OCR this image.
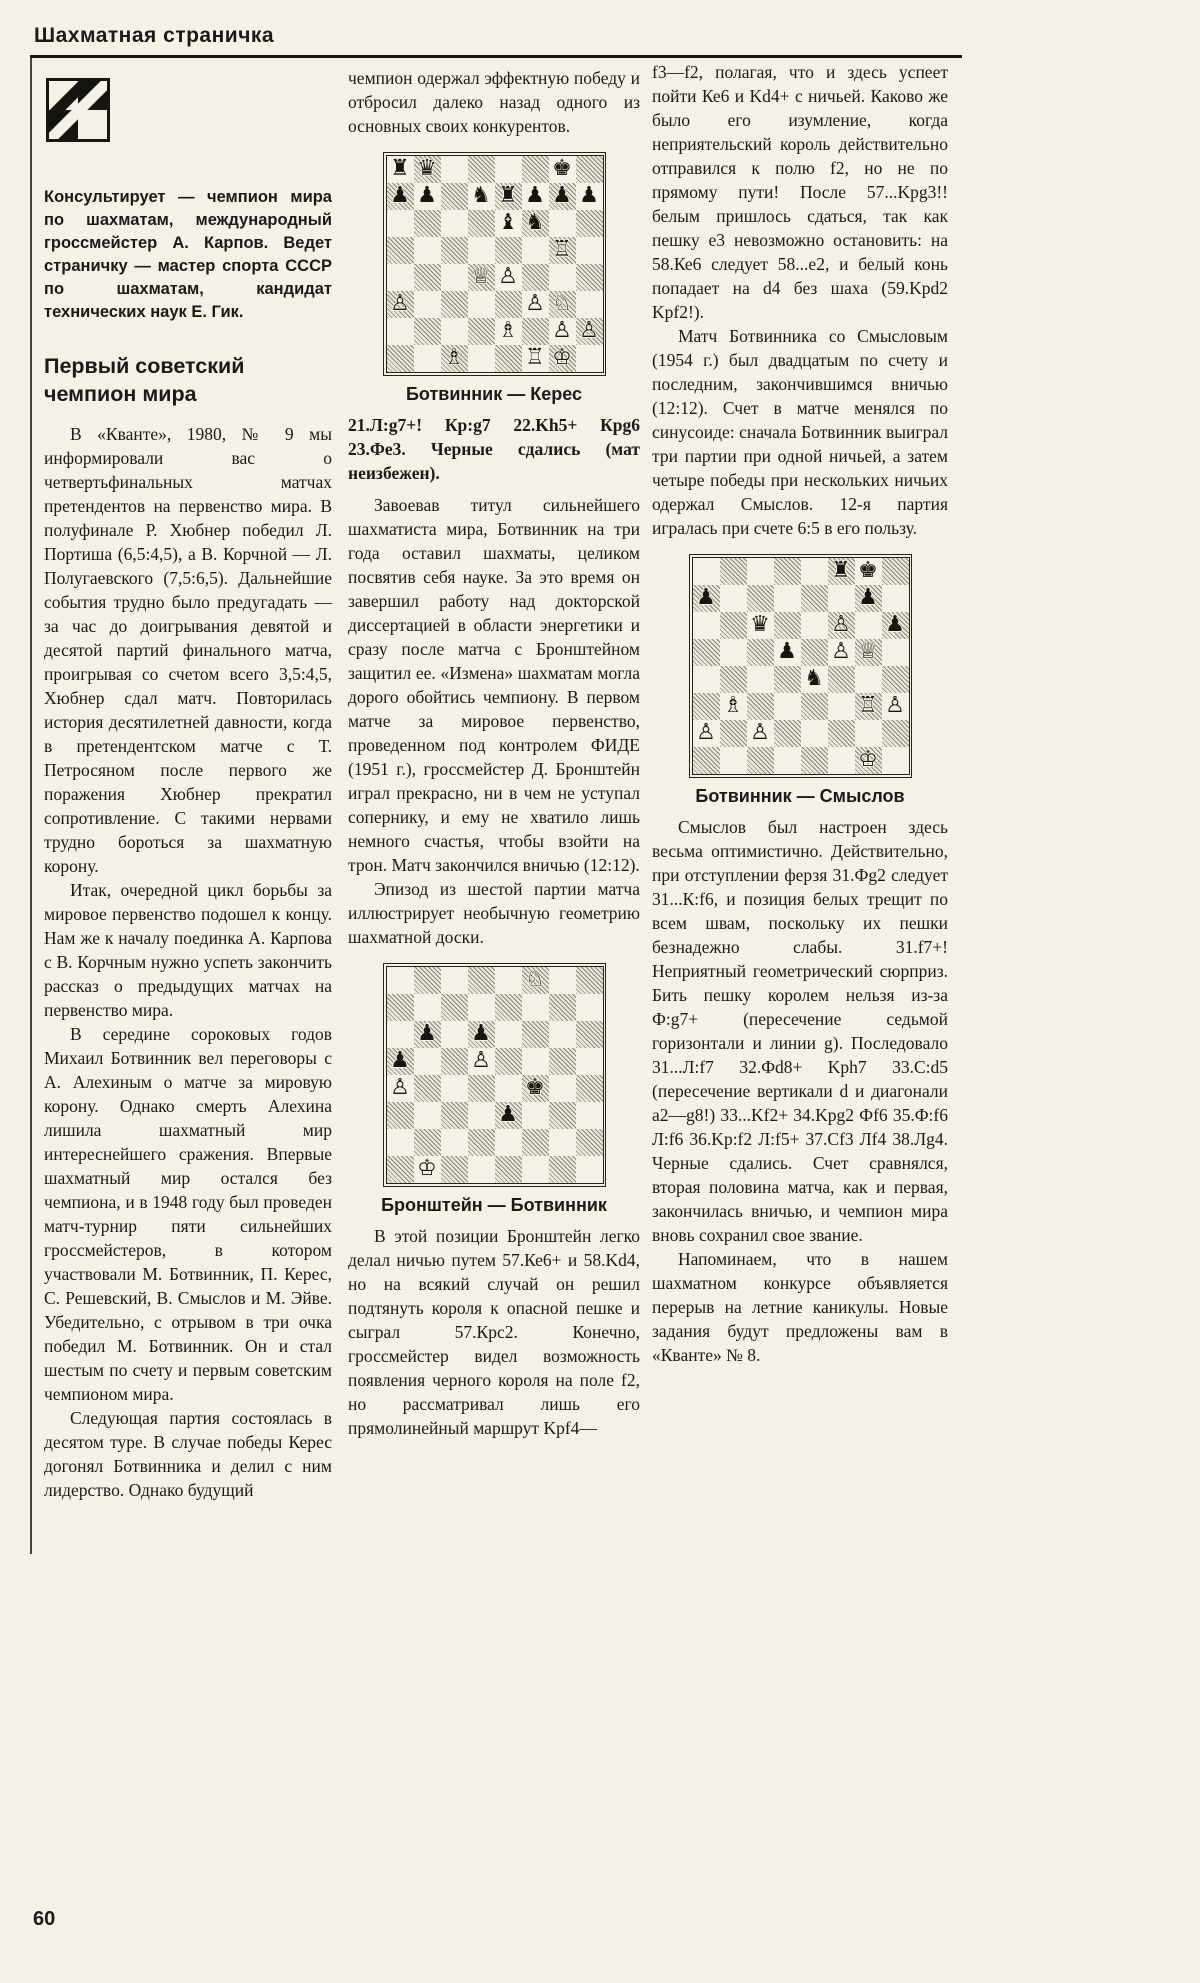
Шахматная страничка

Консультирует — чемпион мира по шахматам, международный гроссмейстер А. Карпов. Ведет страничку — мастер спорта СССР по шахматам, кандидат технических наук Е. Гик.

Первый советский чемпион мира

В «Кванте», 1980, № 9 мы информировали вас о четвертьфинальных матчах претендентов на первенство мира. В полуфинале Р. Хюбнер победил Л. Портиша (6,5:4,5), а В. Корчной — Л. Полугаевского (7,5:6,5). Дальнейшие события трудно было предугадать — за час до доигрывания девятой и десятой партий финального матча, проигрывая со счетом всего 3,5:4,5, Хюбнер сдал матч. Повторилась история десятилетней давности, когда в претендентском матче с Т. Петросяном после первого же поражения Хюбнер прекратил сопротивление. С такими нервами трудно бороться за шахматную корону.

Итак, очередной цикл борьбы за мировое первенство подошел к концу. Нам же к началу поединка А. Карпова с В. Корчным нужно успеть закончить рассказ о предыдущих матчах на первенство мира.

В середине сороковых годов Михаил Ботвинник вел переговоры с А. Алехиным о матче за мировую корону. Однако смерть Алехина лишила шахматный мир интереснейшего сражения. Впервые шахматный мир остался без чемпиона, и в 1948 году был проведен матч-турнир пяти сильнейших гроссмейстеров, в котором участвовали М. Ботвинник, П. Керес, С. Решевский, В. Смыслов и М. Эйве. Убедительно, с отрывом в три очка победил М. Ботвинник. Он и стал шестым по счету и первым советским чемпионом мира.

Следующая партия состоялась в десятом туре. В случае победы Керес догонял Ботвинника и делил с ним лидерство. Однако будущий

чемпион одержал эффектную победу и отбросил далеко назад одного из основных своих конкурентов.

♜ ♛	♚
♟ ♟ ♞ ♜ ♟ ♟ ♟
♝ ♞
♖
♕ ♙
♙	♙ ♘
♗ ♙ ♙
♗	♖ ♔

Ботвинник — Керес

21.Л:g7+! Кр:g7 22.Kh5+ Кpg6 23.Фе3. Черные сдались (мат неизбежен).

Завоевав титул сильнейшего шахматиста мира, Ботвинник на три года оставил шахматы, целиком посвятив себя науке. За это время он завершил работу над докторской диссертацией в области энергетики и сразу после матча с Бронштейном защитил ее. «Измена» шахматам могла дорого обойтись чемпиону. В первом матче за мировое первенство, проведенном под контролем ФИДЕ (1951 г.), гроссмейстер Д. Бронштейн играл прекрасно, ни в чем не уступал сопернику, и ему не хватило лишь немного счастья, чтобы взойти на трон. Матч закончился вничью (12:12).

Эпизод из шестой партии матча иллюстрирует необычную геометрию шахматной доски.

♘
♟ ♟
♟	♙
♙	♚
♟
♔

Бронштейн — Ботвинник

В этой позиции Бронштейн легко делал ничью путем 57.Ке6+ и 58.Kd4, но на всякий случай он решил подтянуть короля к опасной пешке и сыграл 57.Крс2. Конечно, гроссмейстер видел возможность появления черного короля на поле f2, но рассматривал лишь его прямолинейный маршрут Kpf4—

f3—f2, полагая, что и здесь успеет пойти Ке6 и Kd4+ с ничьей. Каково же было его изумление, когда неприятельский король действительно отправился к полю f2, но не по прямому пути! После 57...Kpg3!! белым пришлось сдаться, так как пешку е3 невозможно остановить: на 58.Ке6 следует 58...е2, и белый конь попадает на d4 без шаха (59.Kpd2 Kpf2!).

Матч Ботвинника со Смысловым (1954 г.) был двадцатым по счету и последним, закончившимся вничью (12:12). Счет в матче менялся по синусоиде: сначала Ботвинник выиграл три партии при одной ничьей, а затем четыре победы при нескольких ничьих одержал Смыслов. 12-я партия игралась при счете 6:5 в его пользу.

♜ ♚
♟	♟
♛	♙ ♟
♟ ♙ ♕
♞
♗	♖ ♙
♙ ♙
♔

Ботвинник — Смыслов

Смыслов был настроен здесь весьма оптимистично. Действительно, при отступлении ферзя 31.Фg2 следует 31...К:f6, и позиция белых трещит по всем швам, поскольку их пешки безнадежно слабы. 31.f7+! Неприятный геометрический сюрприз. Бить пешку королем нельзя из-за Ф:g7+ (пересечение седьмой горизонтали и линии g). Последовало 31...Л:f7 32.Фd8+ Kph7 33.C:d5 (пересечение вертикали d и диагонали a2—g8!) 33...Kf2+ 34.Kpg2 Фf6 35.Ф:f6 Л:f6 36.Kp:f2 Л:f5+ 37.Cf3 Лf4 38.Лg4. Черные сдались. Счет сравнялся, вторая половина матча, как и первая, закончилась вничью, и чемпион мира вновь сохранил свое звание.

Напоминаем, что в нашем шахматном конкурсе объявляется перерыв на летние каникулы. Новые задания будут предложены вам в «Кванте» № 8.

60
